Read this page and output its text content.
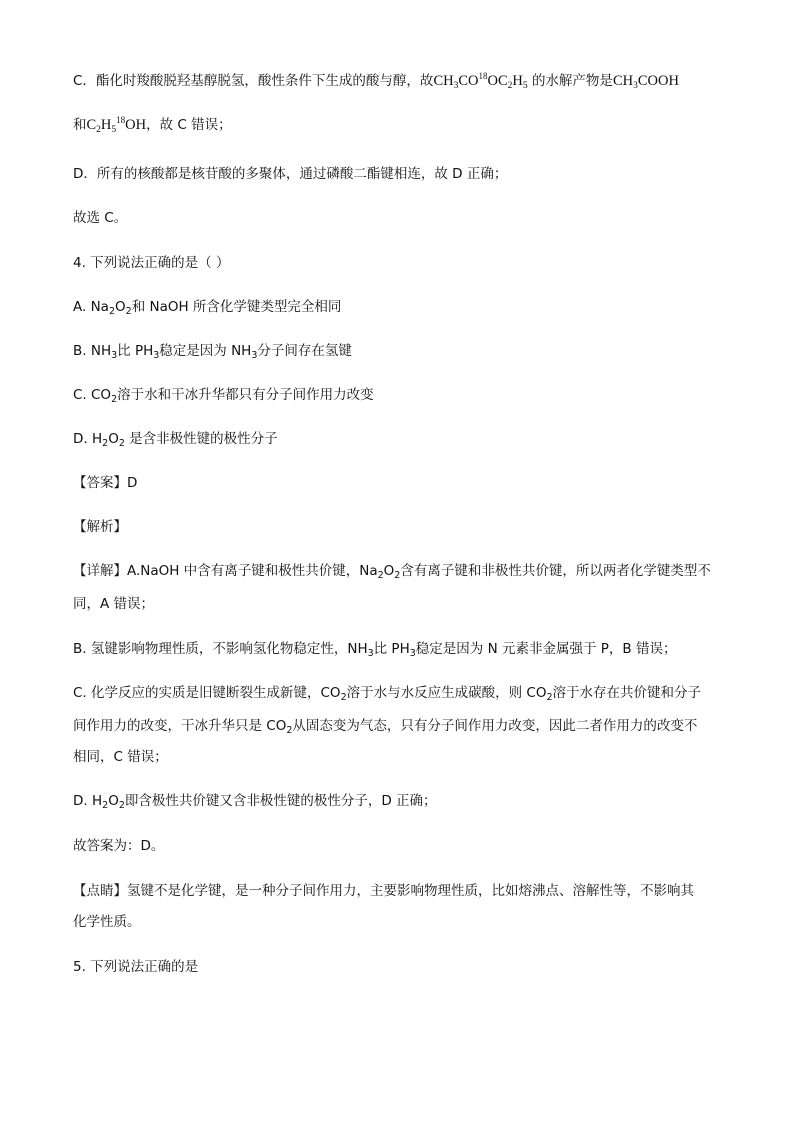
C．酯化时羧酸脱羟基醇脱氢，酸性条件下生成的酸与醇，故$CH_3CO^{18}OC_2H_5$ 的水解产物是$CH_3COOH$
和$C_2H_5^{18}OH$，故 C 错误；
D．所有的核酸都是核苷酸的多聚体，通过磷酸二酯键相连，故 D 正确；
故选 C。
4. 下列说法正确的是（ ）
A. $Na_2O_2$和 NaOH 所含化学键类型完全相同
B. $NH_3$比 $PH_3$稳定是因为 $NH_3$分子间存在氢键
C. $CO_2$溶于水和干冰升华都只有分子间作用力改变
D. $H_2O_2$ 是含非极性键的极性分子
【答案】D
【解析】
【详解】A.NaOH 中含有离子键和极性共价键，$Na_2O_2$含有离子键和非极性共价键，所以两者化学键类型不
同，A 错误；
B. 氢键影响物理性质，不影响氢化物稳定性，$NH_3$比 $PH_3$稳定是因为 N 元素非金属强于 P，B 错误；
C. 化学反应的实质是旧键断裂生成新键，$CO_2$溶于水与水反应生成碳酸，则 $CO_2$溶于水存在共价键和分子
间作用力的改变，干冰升华只是 $CO_2$从固态变为气态，只有分子间作用力改变，因此二者作用力的改变不
相同，C 错误；
D. $H_2O_2$即含极性共价键又含非极性键的极性分子，D 正确；
故答案为：D。
【点睛】氢键不是化学键，是一种分子间作用力，主要影响物理性质，比如熔沸点、溶解性等，不影响其
化学性质。
5. 下列说法正确的是
